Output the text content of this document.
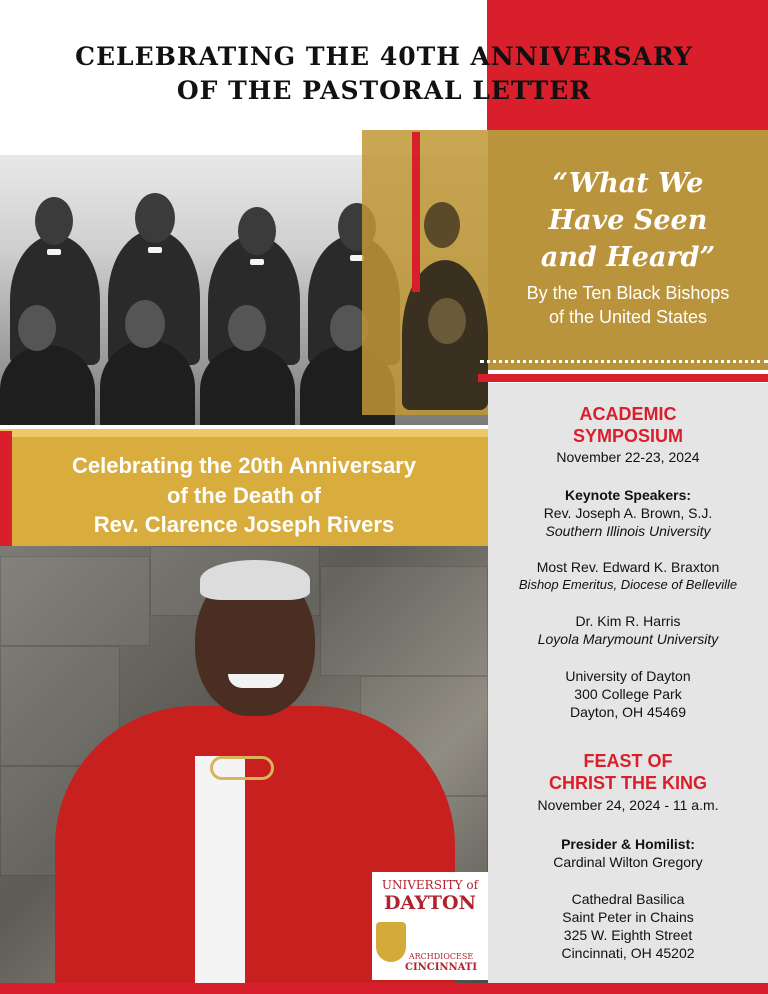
CELEBRATING THE 40TH ANNIVERSARY
OF THE PASTORAL LETTER
“What We
Have Seen
and Heard”
By the Ten Black Bishops
of the United States
ACADEMIC
SYMPOSIUM
November 22-23, 2024
Keynote Speakers:
Rev. Joseph A. Brown, S.J.
Southern Illinois University
Most Rev. Edward K. Braxton
Bishop Emeritus, Diocese of Belleville
Dr. Kim R. Harris
Loyola Marymount University
University of Dayton
300 College Park
Dayton, OH 45469
FEAST OF
CHRIST THE KING
November 24, 2024 - 11 a.m.
Presider & Homilist:
Cardinal Wilton Gregory
Cathedral Basilica
Saint Peter in Chains
325 W. Eighth Street
Cincinnati, OH 45202
Celebrating the 20th Anniversary
of the Death of
Rev. Clarence Joseph Rivers
UNIVERSITY of
DAYTON
ARCHDIOCESE
CINCINNATI
